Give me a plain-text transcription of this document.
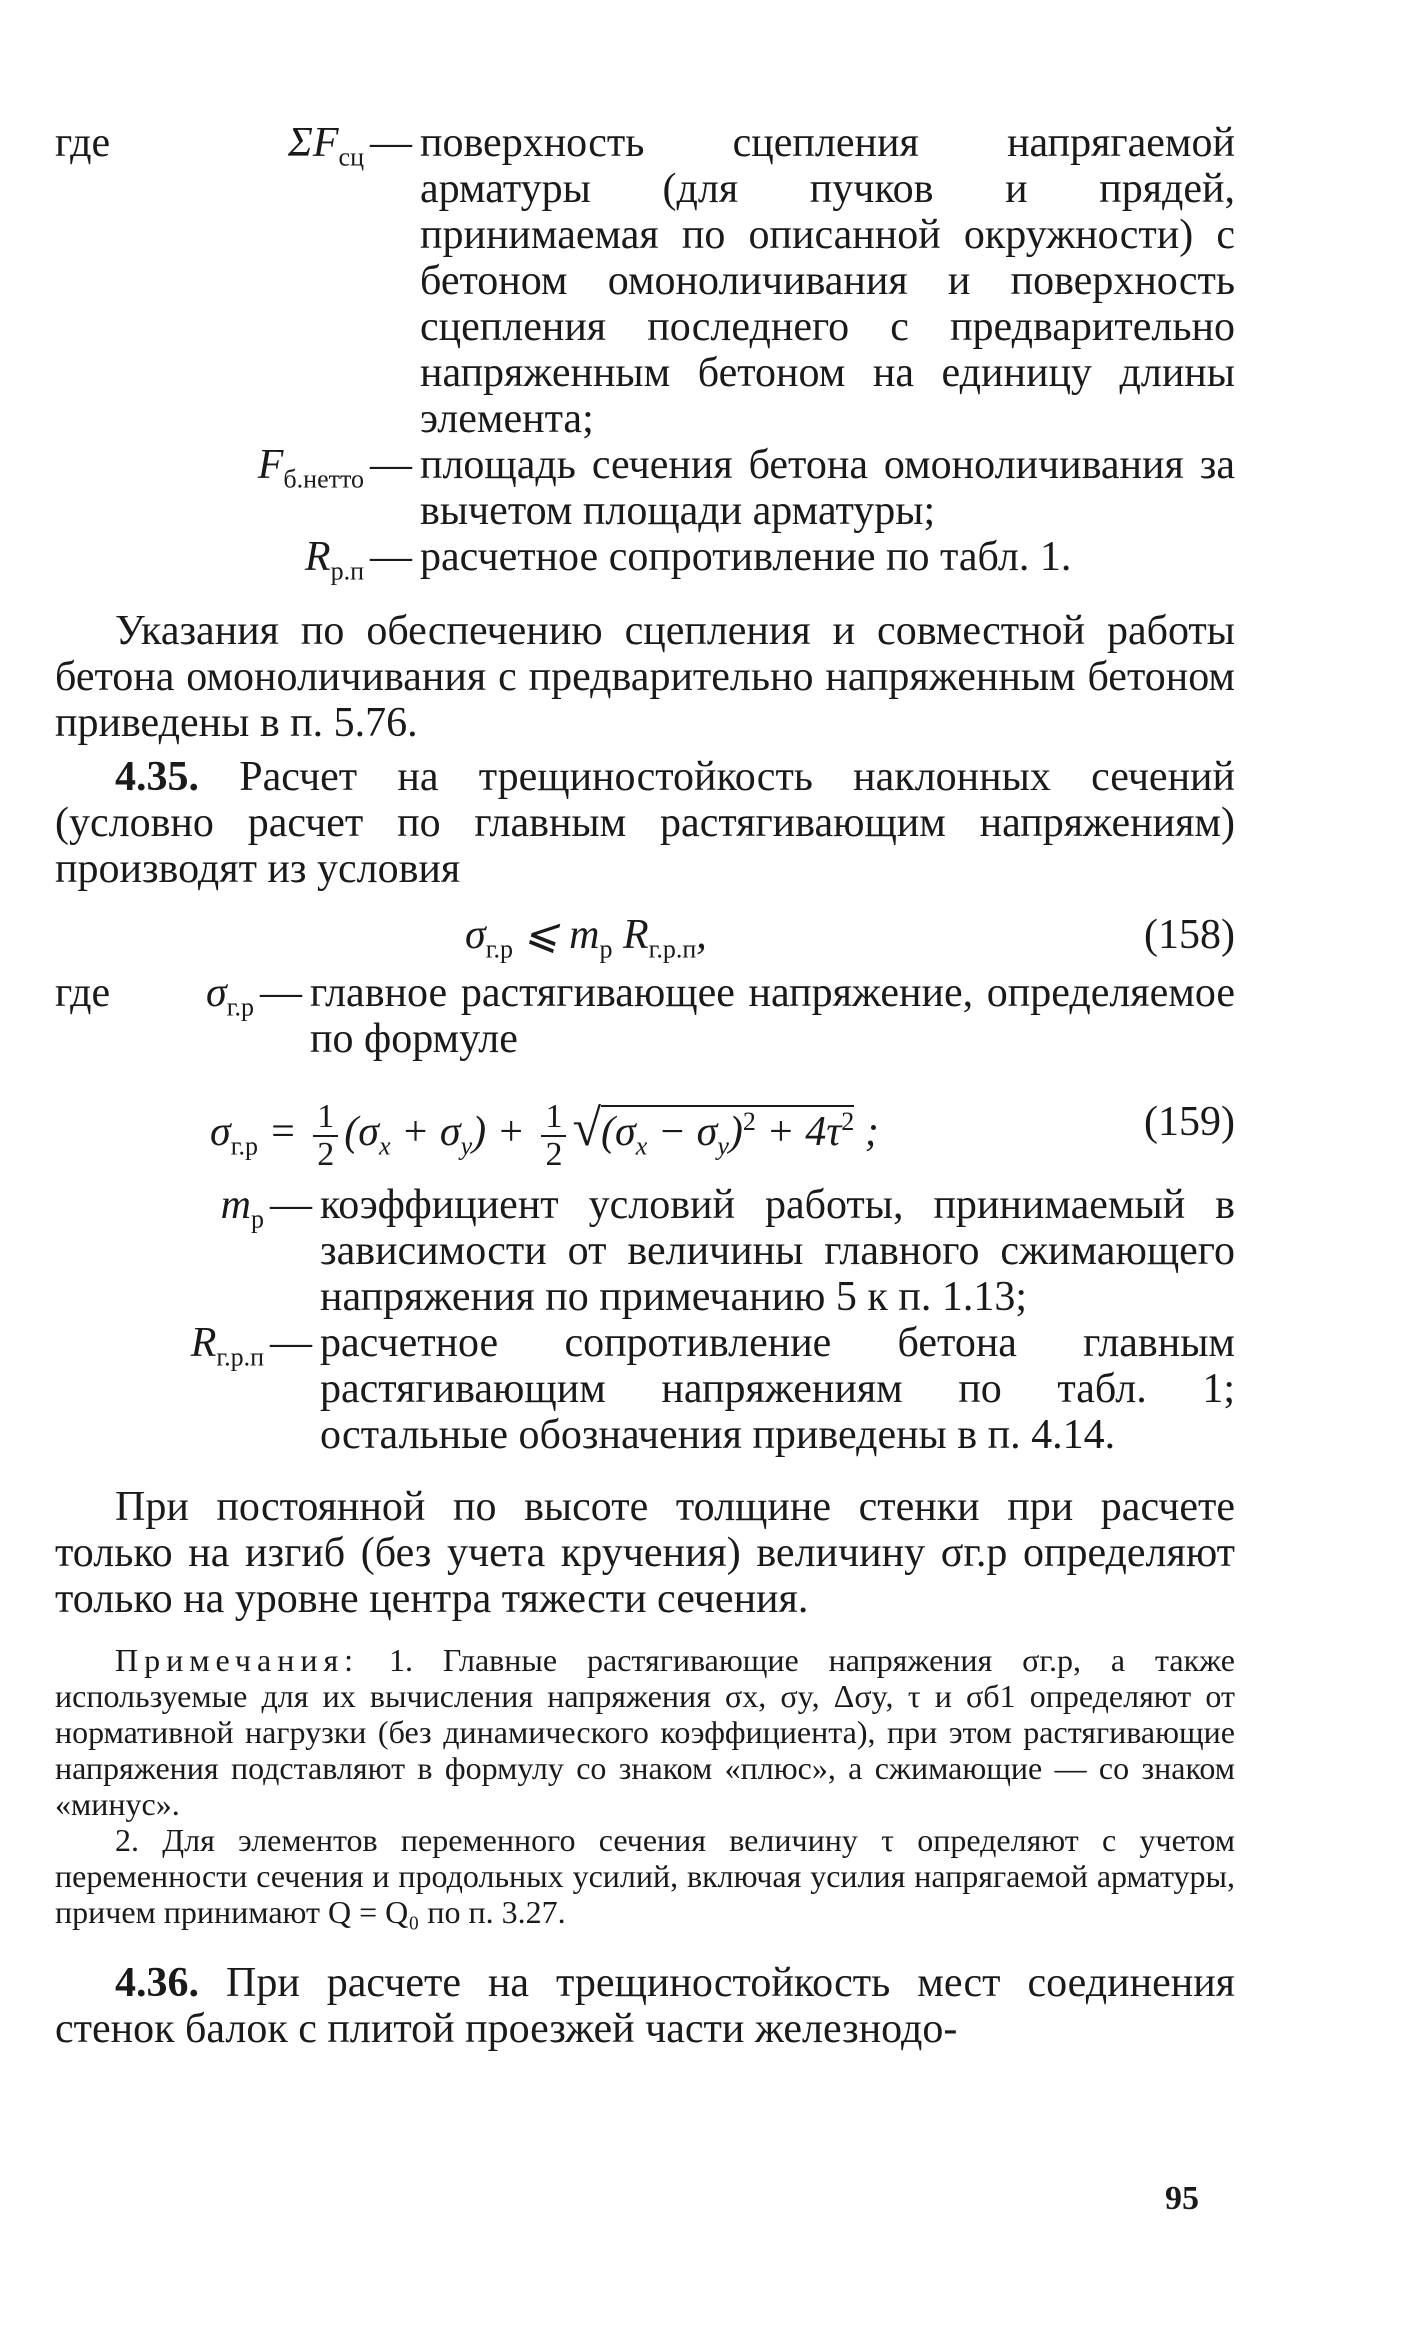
где	$\Sigma F_{сц}$ — поверхность сцепления напрягаемой арматуры (для пучков и прядей, принимаемая по описанной окружности) с бетоном омоноличивания и поверхность сцепления последнего с предварительно напряженным бетоном на единицу длины элемента;
$F_{б.нетто}$ — площадь сечения бетона омоноличивания за вычетом площади арматуры;
$R_{р.п}$ — расчетное сопротивление по табл. 1.

Указания по обеспечению сцепления и совместной работы бетона омоноличивания с предварительно напряженным бетоном приведены в п. 5.76.

4.35. Расчет на трещиностойкость наклонных сечений (условно расчет по главным растягивающим напряжениям) производят из условия

$\sigma_{г.р}$ ⩽ $m_р$ $R_{г.р.п}$,	(158)
где	$\sigma_{г.р}$ — главное растягивающее напряжение, определяемое по формуле
$\sigma_{г.р} = \frac{1}{2} (\sigma_x + \sigma_y) + \frac{1}{2} √(\sigma_x - \sigma_y)^2 + 4\tau^2$ ;	(159)
$m_р$ — коэффициент условий работы, принимаемый в зависимости от величины главного сжимающего напряжения по примечанию 5 к п. 1.13;
$R_{г.р.п}$ — расчетное сопротивление бетона главным растягивающим напряжениям по табл. 1; остальные обозначения приведены в п. 4.14.

При постоянной по высоте толщине стенки при расчете только на изгиб (без учета кручения) величину σг.р определяют только на уровне центра тяжести сечения.

Примечания: 1. Главные растягивающие напряжения σг.р, а также используемые для их вычисления напряжения σx, σy, Δσy, τ и σб1 определяют от нормативной нагрузки (без динамического коэффициента), при этом растягивающие напряжения подставляют в формулу со знаком «плюс», а сжимающие — со знаком «минус».

2. Для элементов переменного сечения величину τ определяют с учетом переменности сечения и продольных усилий, включая усилия напрягаемой арматуры, причем принимают Q = Q₀ по п. 3.27.

4.36. При расчете на трещиностойкость мест соединения стенок балок с плитой проезжей части железнодо-

95
